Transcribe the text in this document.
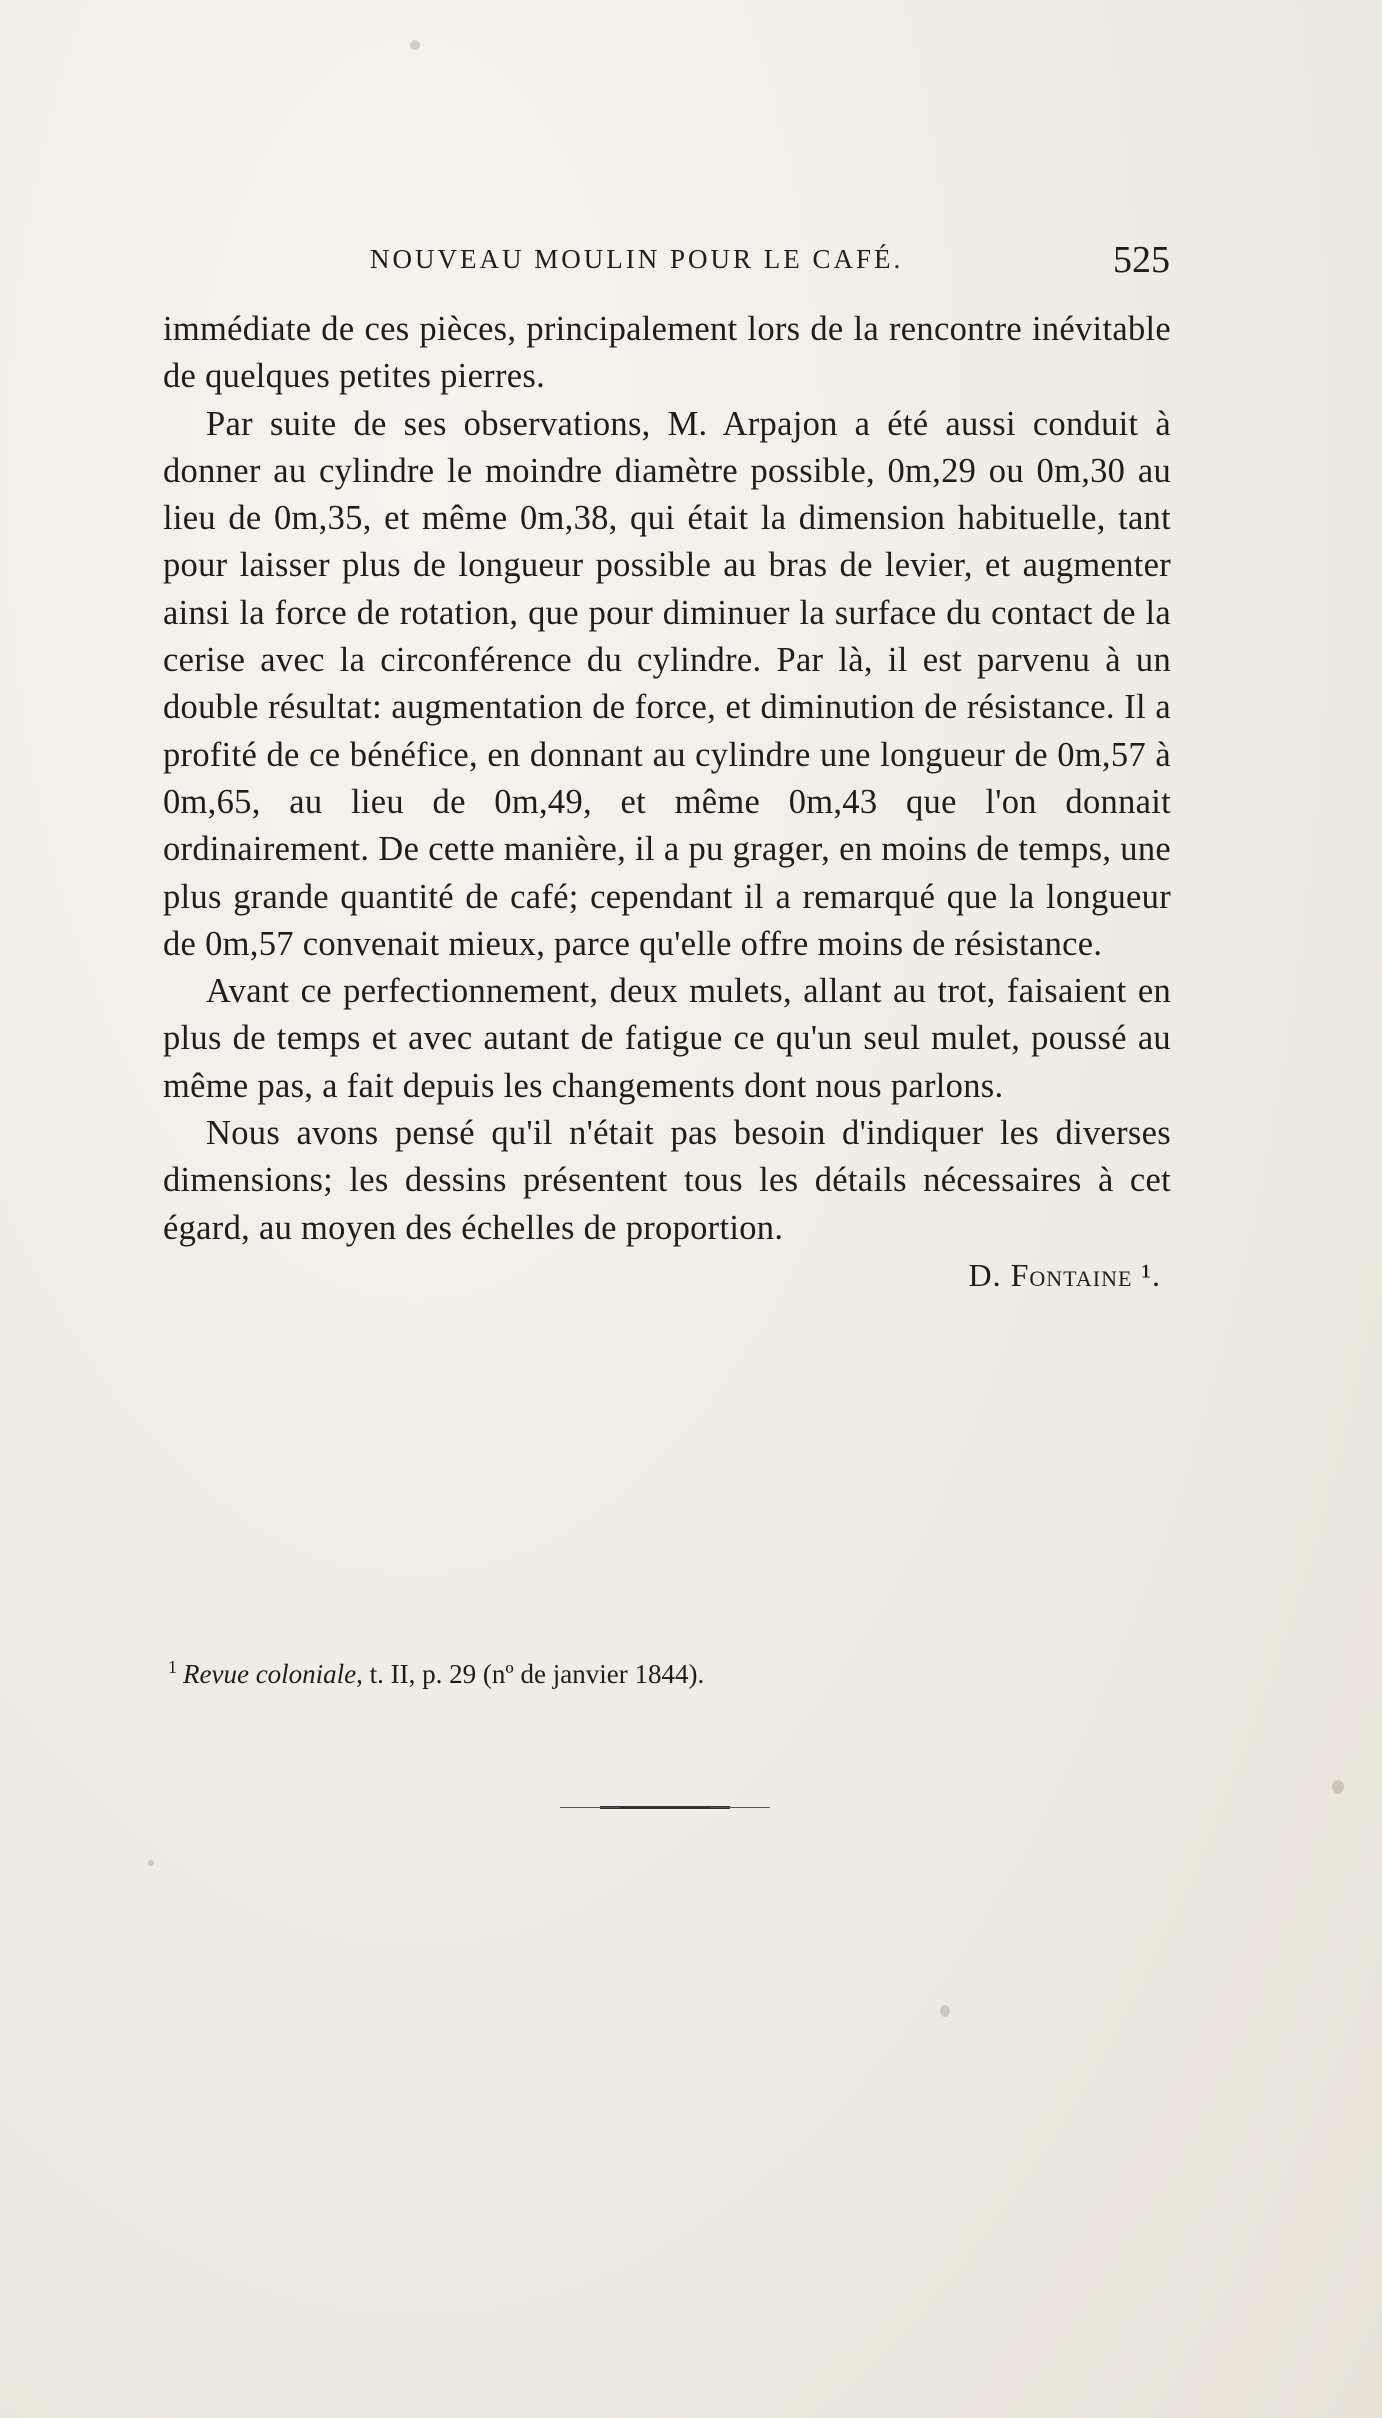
NOUVEAU MOULIN POUR LE CAFÉ.	525

immédiate de ces pièces, principalement lors de la rencontre inévitable de quelques petites pierres.

Par suite de ses observations, M. Arpajon a été aussi conduit à donner au cylindre le moindre diamètre possible, 0m,29 ou 0m,30 au lieu de 0m,35, et même 0m,38, qui était la dimension habituelle, tant pour laisser plus de longueur possible au bras de levier, et augmenter ainsi la force de rotation, que pour diminuer la surface du contact de la cerise avec la circonférence du cylindre. Par là, il est parvenu à un double résultat: augmentation de force, et diminution de résistance. Il a profité de ce bénéfice, en donnant au cylindre une longueur de 0m,57 à 0m,65, au lieu de 0m,49, et même 0m,43 que l'on donnait ordinairement. De cette manière, il a pu grager, en moins de temps, une plus grande quantité de café; cependant il a remarqué que la longueur de 0m,57 convenait mieux, parce qu'elle offre moins de résistance.

Avant ce perfectionnement, deux mulets, allant au trot, faisaient en plus de temps et avec autant de fatigue ce qu'un seul mulet, poussé au même pas, a fait depuis les changements dont nous parlons.

Nous avons pensé qu'il n'était pas besoin d'indiquer les diverses dimensions; les dessins présentent tous les détails nécessaires à cet égard, au moyen des échelles de proportion.

D. Fontaine ¹.

$^1$ Revue coloniale, t. II, p. 29 (nº de janvier 1844).
